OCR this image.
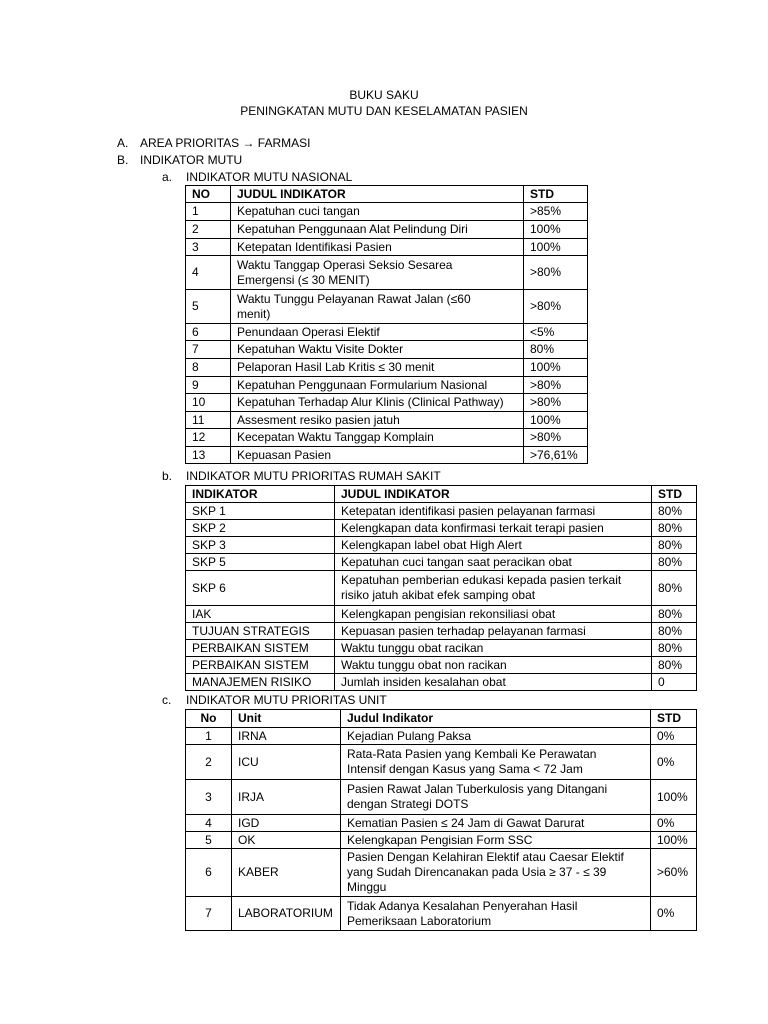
BUKU SAKU
PENINGKATAN MUTU DAN KESELAMATAN PASIEN
A. AREA PRIORITAS → FARMASI
B. INDIKATOR MUTU
a. INDIKATOR MUTU NASIONAL
NO	JUDUL INDIKATOR	STD
1	Kepatuhan cuci tangan	>85%
2	Kepatuhan Penggunaan Alat Pelindung Diri	100%
3	Ketepatan Identifikasi Pasien	100%
4	Waktu Tanggap Operasi Seksio Sesarea
Emergensi (≤ 30 MENIT)	>80%
5	Waktu Tunggu Pelayanan Rawat Jalan (≤60
menit)	>80%
6	Penundaan Operasi Elektif	<5%
7	Kepatuhan Waktu Visite Dokter	80%
8	Pelaporan Hasil Lab Kritis ≤ 30 menit	100%
9	Kepatuhan Penggunaan Formularium Nasional	>80%
10	Kepatuhan Terhadap Alur Klinis (Clinical Pathway)	>80%
11	Assesment resiko pasien jatuh	100%
12	Kecepatan Waktu Tanggap Komplain	>80%
13	Kepuasan Pasien	>76,61%
b. INDIKATOR MUTU PRIORITAS RUMAH SAKIT
INDIKATOR	JUDUL INDIKATOR	STD
SKP 1	Ketepatan identifikasi pasien pelayanan farmasi	80%
SKP 2	Kelengkapan data konfirmasi terkait terapi pasien	80%
SKP 3	Kelengkapan label obat High Alert	80%
SKP 5	Kepatuhan cuci tangan saat peracikan obat	80%
SKP 6	Kepatuhan pemberian edukasi kepada pasien terkait
risiko jatuh akibat efek samping obat	80%
IAK	Kelengkapan pengisian rekonsiliasi obat	80%
TUJUAN STRATEGIS	Kepuasan pasien terhadap pelayanan farmasi	80%
PERBAIKAN SISTEM	Waktu tunggu obat racikan	80%
PERBAIKAN SISTEM	Waktu tunggu obat non racikan	80%
MANAJEMEN RISIKO	Jumlah insiden kesalahan obat	0
c. INDIKATOR MUTU PRIORITAS UNIT
No	Unit	Judul Indikator	STD
1	IRNA	Kejadian Pulang Paksa	0%
2	ICU	Rata-Rata Pasien yang Kembali Ke Perawatan
Intensif dengan Kasus yang Sama < 72 Jam	0%
3	IRJA	Pasien Rawat Jalan Tuberkulosis yang Ditangani
dengan Strategi DOTS	100%
4	IGD	Kematian Pasien ≤ 24 Jam di Gawat Darurat	0%
5	OK	Kelengkapan Pengisian Form SSC	100%
6	KABER	Pasien Dengan Kelahiran Elektif atau Caesar Elektif
yang Sudah Direncanakan pada Usia ≥ 37 - ≤ 39
Minggu	>60%
7	LABORATORIUM	Tidak Adanya Kesalahan Penyerahan Hasil
Pemeriksaan Laboratorium	0%
